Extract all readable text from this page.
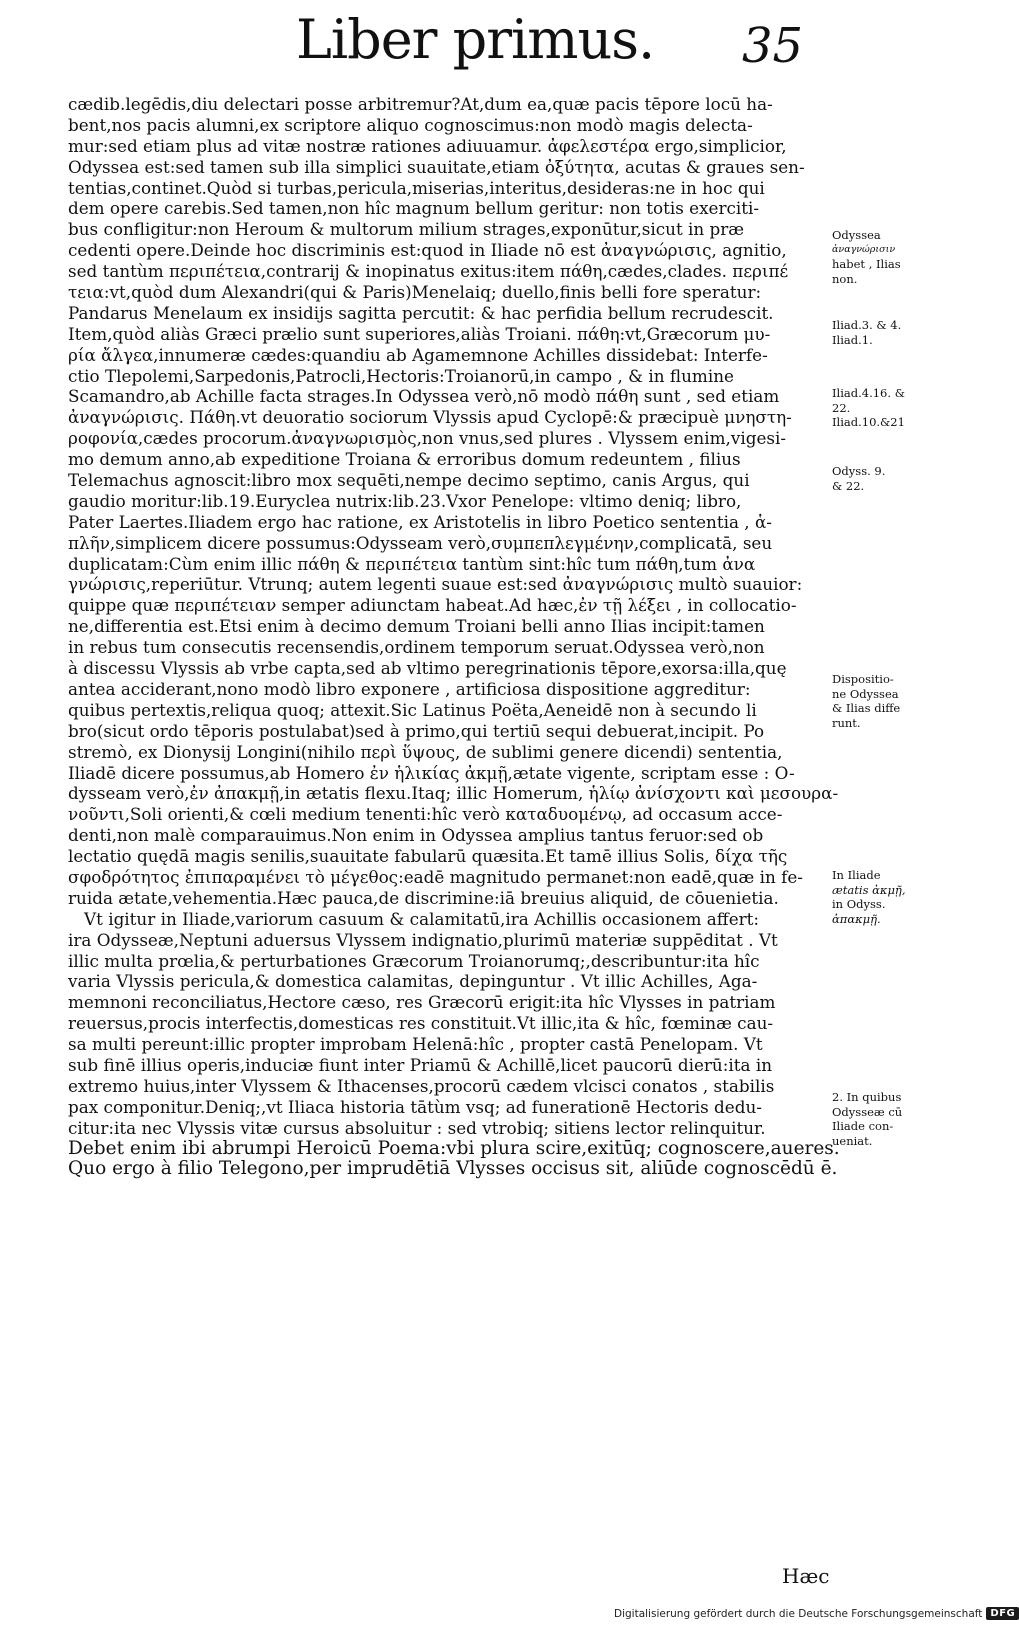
Liber primus. 35
cædib.legēdis,diu delectari posse arbitremur?At,dum ea,quæ pacis tēpore locū ha-
bent,nos pacis alumni,ex scriptore aliquo cognoscimus:non modò magis delecta-
mur:sed etiam plus ad vitæ nostræ rationes adiuuamur. ἀφελεστέρα ergo,simplicior,
Odyssea est:sed tamen sub illa simplici suauitate,etiam ὀξύτητα, acutas & graues sen-
tentias,continet.Quòd si turbas,pericula,miserias,interitus,desideras:ne in hoc qui
dem opere carebis.Sed tamen,non hîc magnum bellum geritur: non totis exerciti-
bus confligitur:non Heroum & multorum milium strages,exponūtur,sicut in præ
cedenti opere.Deinde hoc discriminis est:quod in Iliade nō est ἀναγνώρισις, agnitio,
sed tantùm περιπέτεια,contrarij & inopinatus exitus:item πάθη,cædes,clades. περιπέ
τεια:vt,quòd dum Alexandri(qui & Paris)Menelaiq; duello,finis belli fore speratur:
Pandarus Menelaum ex insidijs sagitta percutit: & hac perfidia bellum recrudescit.
Item,quòd aliàs Græci prælio sunt superiores,aliàs Troiani. πάθη:vt,Græcorum μυ-
ρία ἄλγεα,innumeræ cædes:quandiu ab Agamemnone Achilles dissidebat: Interfe-
ctio Tlepolemi,Sarpedonis,Patrocli,Hectoris:Troianorū,in campo , & in flumine
Scamandro,ab Achille facta strages.In Odyssea verò,nō modò πάθη sunt , sed etiam
ἀναγνώρισις. Πάθη.vt deuoratio sociorum Vlyssis apud Cyclopē:& præcipuè μνηστη-
ροφονία,cædes procorum.ἀναγνωρισμὸς,non vnus,sed plures . Vlyssem enim,vigesi-
mo demum anno,ab expeditione Troiana & erroribus domum redeuntem , filius
Telemachus agnoscit:libro mox sequēti,nempe decimo septimo, canis Argus, qui
gaudio moritur:lib.19.Euryclea nutrix:lib.23.Vxor Penelope: vltimo deniq; libro,
Pater Laertes.Iliadem ergo hac ratione, ex Aristotelis in libro Poetico sententia , ἁ-
πλῆν,simplicem dicere possumus:Odysseam verò,συμπεπλεγμένην,complicatā, seu
duplicatam:Cùm enim illic πάθη & περιπέτεια tantùm sint:hîc tum πάθη,tum ἀνα
γνώρισις,reperiūtur. Vtrunq; autem legenti suaue est:sed ἀναγνώρισις multò suauior:
quippe quæ περιπέτειαν semper adiunctam habeat.Ad hæc,ἐν τῇ λέξει , in collocatio-
ne,differentia est.Etsi enim à decimo demum Troiani belli anno Ilias incipit:tamen
in rebus tum consecutis recensendis,ordinem temporum seruat.Odyssea verò,non
à discessu Vlyssis ab vrbe capta,sed ab vltimo peregrinationis tēpore,exorsa:illa,quę
antea acciderant,nono modò libro exponere , artificiosa dispositione aggreditur:
quibus pertextis,reliqua quoq; attexit.Sic Latinus Poëta,Aeneidē non à secundo li
bro(sicut ordo tēporis postulabat)sed à primo,qui tertiū sequi debuerat,incipit. Po
stremò, ex Dionysij Longini(nihilo περὶ ὕψους, de sublimi genere dicendi) sententia,
Iliadē dicere possumus,ab Homero ἐν ἡλικίας ἀκμῇ,ætate vigente, scriptam esse : O-
dysseam verò,ἐν ἀπακμῇ,in ætatis flexu.Itaq; illic Homerum, ἡλίῳ ἀνίσχοντι καὶ μεσουρα-
νοῦντι,Soli orienti,& cœli medium tenenti:hîc verò καταδυομένῳ, ad occasum acce-
denti,non malè comparauimus.Non enim in Odyssea amplius tantus feruor:sed ob
lectatio quędā magis senilis,suauitate fabularū quæsita.Et tamē illius Solis, δίχα τῆς
σφοδρότητος ἐπιπαραμένει τὸ μέγεθος:eadē magnitudo permanet:non eadē,quæ in fe-
ruida ætate,vehementia.Hæc pauca,de discrimine:iā breuius aliquid, de cōuenietia.
Vt igitur in Iliade,variorum casuum & calamitatū,ira Achillis occasionem affert:
ira Odysseæ,Neptuni aduersus Vlyssem indignatio,plurimū materiæ suppēditat . Vt
illic multa prœlia,& perturbationes Græcorum Troianorumq;,describuntur:ita hîc
varia Vlyssis pericula,& domestica calamitas, depinguntur . Vt illic Achilles, Aga-
memnoni reconciliatus,Hectore cæso, res Græcorū erigit:ita hîc Vlysses in patriam
reuersus,procis interfectis,domesticas res constituit.Vt illic,ita & hîc, fœminæ cau-
sa multi pereunt:illic propter improbam Helenā:hîc , propter castā Penelopam. Vt
sub finē illius operis,induciæ fiunt inter Priamū & Achillē,licet paucorū dierū:ita in
extremo huius,inter Vlyssem & Ithacenses,procorū cædem vlcisci conatos , stabilis
pax componitur.Deniq;,vt Iliaca historia tātùm vsq; ad funerationē Hectoris dedu-
citur:ita nec Vlyssis vitæ cursus absoluitur : sed vtrobiq; sitiens lector relinquitur.
Debet enim ibi abrumpi Heroicū Poema:vbi plura scire,exitūq; cognoscere,aueres.
Quo ergo à filio Telegono,per imprudētiā Vlysses occisus sit, aliūde cognoscēdū ē.
Odyssea
ἀναγνώρισιν
habet , Ilias
non.
Iliad.3. & 4.
Iliad.1.
Iliad.4.16. &
22.
Iliad.10.&21
Odyss. 9.
& 22.
Dispositio-
ne Odyssea
& Ilias diffe
runt.
In Iliade
ætatis ἀκμῇ,
in Odyss.
ἀπακμῇ.
2. In quibus
Odysseæ cū
Iliade con-
ueniat.
Hæc
Digitalisierung gefördert durch die Deutsche Forschungsgemeinschaft DFG
